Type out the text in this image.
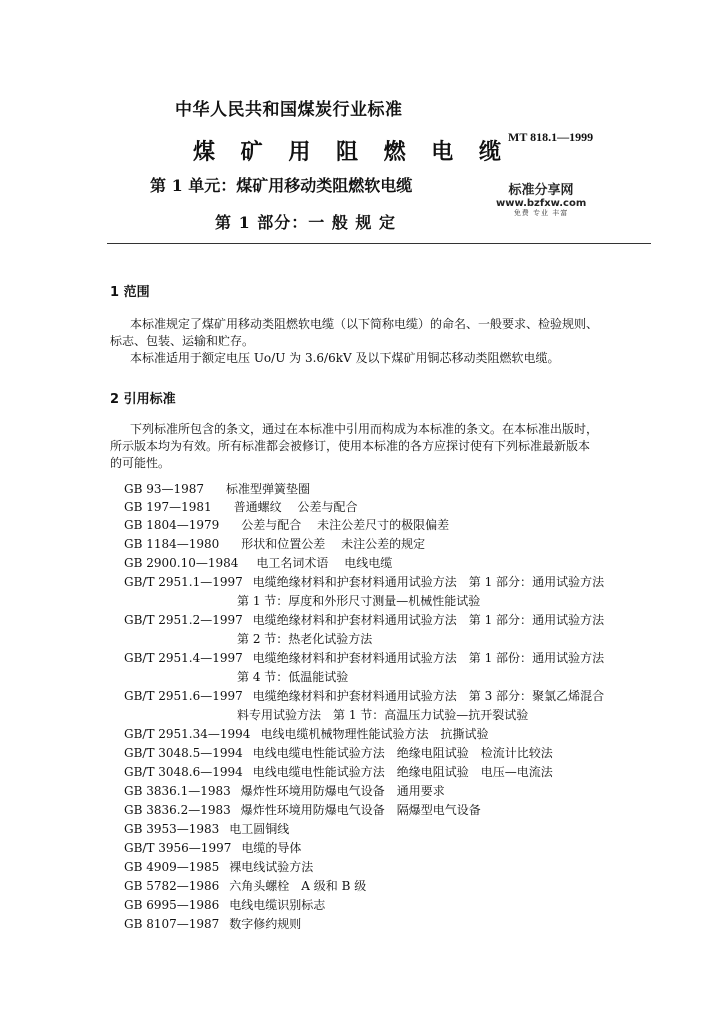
中华人民共和国煤炭行业标准
MT 818.1—1999
煤 矿 用 阻 燃 电 缆
第 1 单元：煤矿用移动类阻燃软电缆
第 1 部分：一 般 规 定
标准分享网
www.bzfxw.com
免费 专业 丰富
1 范围
本标准规定了煤矿用移动类阻燃软电缆（以下简称电缆）的命名、一般要求、检验规则、
标志、包装、运输和贮存。
本标准适用于额定电压 Uo/U 为 3.6/6kV 及以下煤矿用铜芯移动类阻燃软电缆。
2 引用标准
下列标准所包含的条文，通过在本标准中引用而构成为本标准的条文。在本标准出版时，
所示版本均为有效。所有标准都会被修订，使用本标准的各方应探讨使有下列标准最新版本
的可能性。
GB 93—1987 标准型弹簧垫圈
GB 197—1981 普通螺纹　 公差与配合
GB 1804—1979 公差与配合　 未注公差尺寸的极限偏差
GB 1184—1980 形状和位置公差　 未注公差的规定
GB 2900.10—1984 电工名词术语　 电线电缆
GB/T 2951.1—1997 电缆绝缘材料和护套材料通用试验方法　第 1 部分：通用试验方法
第 1 节：厚度和外形尺寸测量—机械性能试验
GB/T 2951.2—1997 电缆绝缘材料和护套材料通用试验方法　第 1 部分：通用试验方法
第 2 节：热老化试验方法
GB/T 2951.4—1997 电缆绝缘材料和护套材料通用试验方法　第 1 部份：通用试验方法
第 4 节：低温能试验
GB/T 2951.6—1997 电缆绝缘材料和护套材料通用试验方法　第 3 部分：聚氯乙烯混合
料专用试验方法　第 1 节：高温压力试验—抗开裂试验
GB/T 2951.34—1994 电线电缆机械物理性能试验方法　抗撕试验
GB/T 3048.5—1994 电线电缆电性能试验方法　绝缘电阻试验　检流计比较法
GB/T 3048.6—1994 电线电缆电性能试验方法　绝缘电阻试验　电压—电流法
GB 3836.1—1983 爆炸性环境用防爆电气设备　通用要求
GB 3836.2—1983 爆炸性环境用防爆电气设备　隔爆型电气设备
GB 3953—1983 电工圆铜线
GB/T 3956—1997 电缆的导体
GB 4909—1985 裸电线试验方法
GB 5782—1986 六角头螺栓　A 级和 B 级
GB 6995—1986 电线电缆识别标志
GB 8107—1987 数字修约规则
